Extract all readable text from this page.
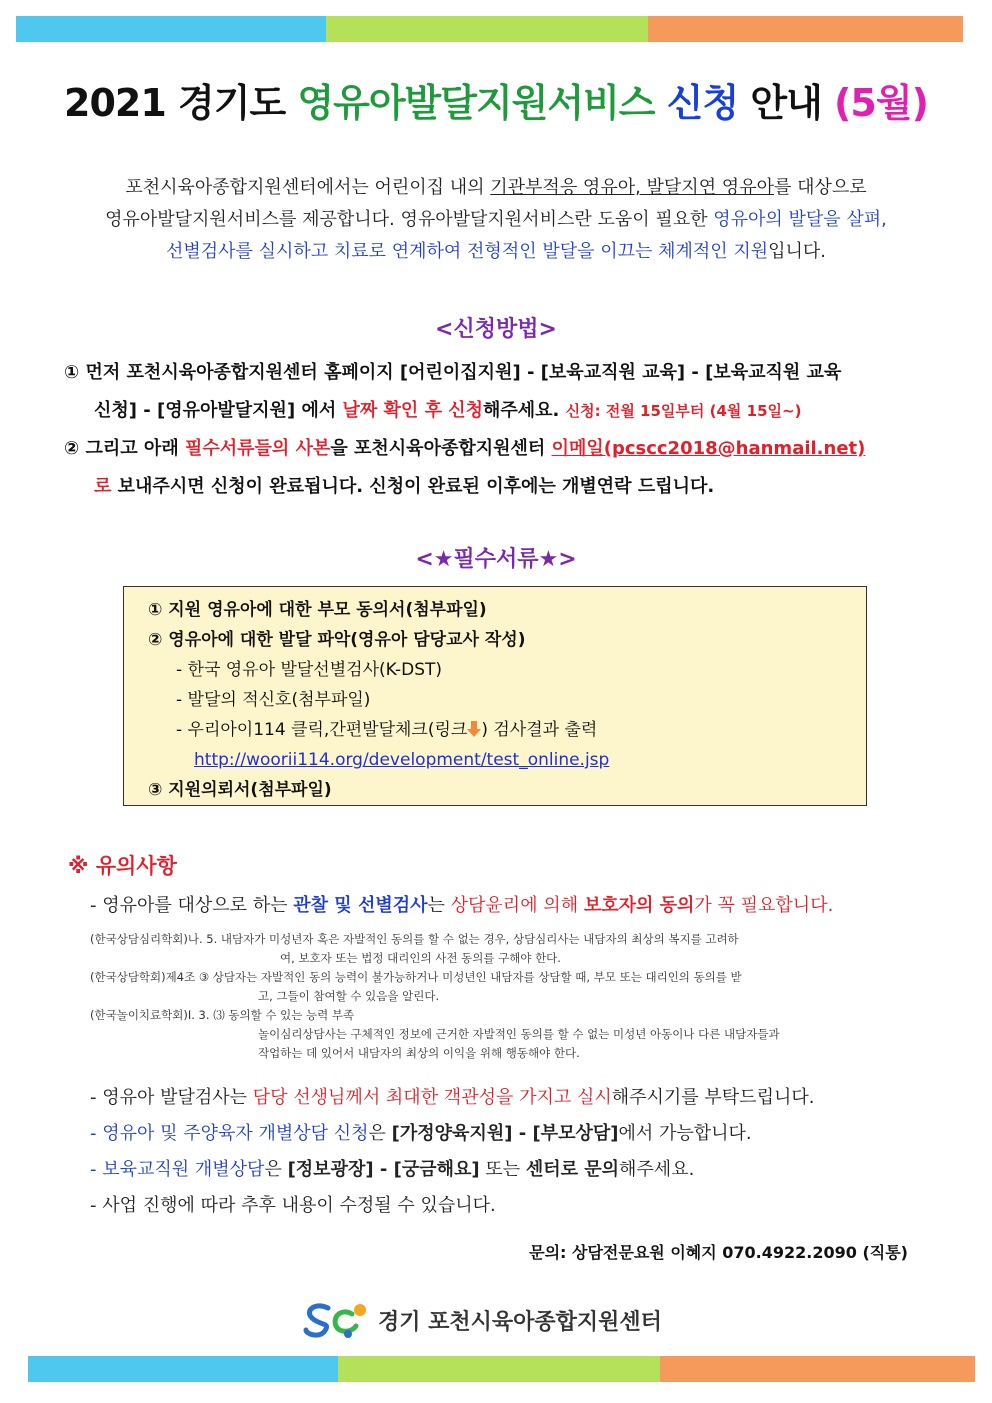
2021 경기도 영유아발달지원서비스 신청 안내 (5월)
포천시육아종합지원센터에서는 어린이집 내의 기관부적응 영유아, 발달지연 영유아를 대상으로
영유아발달지원서비스를 제공합니다. 영유아발달지원서비스란 도움이 필요한 영유아의 발달을 살펴,
선별검사를 실시하고 치료로 연계하여 전형적인 발달을 이끄는 체계적인 지원입니다.
<신청방법>

① 먼저 포천시육아종합지원센터 홈페이지 [어린이집지원] - [보육교직원 교육] - [보육교직원 교육

신청] - [영유아발달지원] 에서 날짜 확인 후 신청해주세요. 신청: 전월 15일부터 (4월 15일~)

② 그리고 아래 필수서류들의 사본을 포천시육아종합지원센터 이메일(pcscc2018@hanmail.net)

로 보내주시면 신청이 완료됩니다. 신청이 완료된 이후에는 개별연락 드립니다.

<★필수서류★>

① 지원 영유아에 대한 부모 동의서(첨부파일)

② 영유아에 대한 발달 파악(영유아 담당교사 작성)

- 한국 영유아 발달선별검사(K-DST)

- 발달의 적신호(첨부파일)

- 우리아이114 클릭,간편발달체크(링크 ) 검사결과 출력

http://woorii114.org/development/test_online.jsp

③ 지원의뢰서(첨부파일)

※ 유의사항

- 영유아를 대상으로 하는 관찰 및 선별검사는 상담윤리에 의해 보호자의 동의가 꼭 필요합니다.

(한국상담심리학회) 나. 5. 내담자가 미성년자 혹은 자발적인 동의를 할 수 없는 경우, 상담심리사는 내담자의 최상의 복지를 고려하
여, 보호자 또는 법정 대리인의 사전 동의를 구해야 한다.
(한국상담학회) 제4조 ③ 상담자는 자발적인 동의 능력이 불가능하거나 미성년인 내담자를 상담할 때, 부모 또는 대리인의 동의를 받
고, 그들이 참여할 수 있음을 알린다.
(한국놀이치료학회) Ⅰ. 3. ⑶ 동의할 수 있는 능력 부족
놀이심리상담사는 구체적인 정보에 근거한 자발적인 동의를 할 수 없는 미성년 아동이나 다른 내담자들과
작업하는 데 있어서 내담자의 최상의 이익을 위해 행동해야 한다.

- 영유아 발달검사는 담당 선생님께서 최대한 객관성을 가지고 실시해주시기를 부탁드립니다.

- 영유아 및 주양육자 개별상담 신청은 [가정양육지원] - [부모상담]에서 가능합니다.

- 보육교직원 개별상담은 [정보광장] - [궁금해요] 또는 센터로 문의해주세요.

- 사업 진행에 따라 추후 내용이 수정될 수 있습니다.

문의: 상담전문요원 이혜지 070.4922.2090 (직통)
경기 포천시육아종합지원센터
